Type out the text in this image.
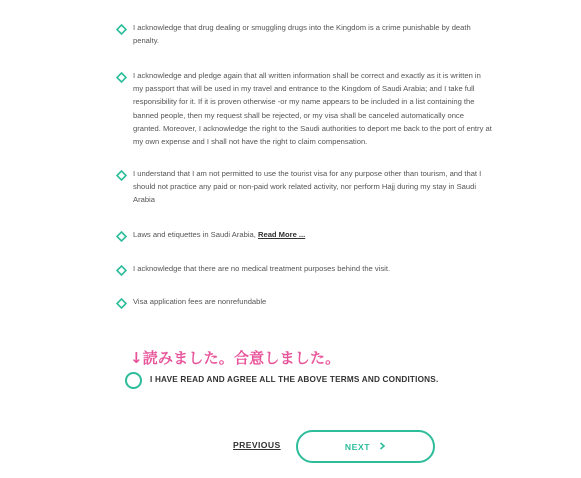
I acknowledge that drug dealing or smuggling drugs into the Kingdom is a crime punishable by death penalty.
I acknowledge and pledge again that all written information shall be correct and exactly as it is written in my passport that will be used in my travel and entrance to the Kingdom of Saudi Arabia; and I take full responsibility for it. If it is proven otherwise -or my name appears to be included in a list containing the banned people, then my request shall be rejected, or my visa shall be canceled automatically once granted. Moreover, I acknowledge the right to the Saudi authorities to deport me back to the port of entry at my own expense and I shall not have the right to claim compensation.
I understand that I am not permitted to use the tourist visa for any purpose other than tourism, and that I should not practice any paid or non-paid work related activity, nor perform Hajj during my stay in Saudi Arabia
Laws and etiquettes in Saudi Arabia, Read More ...
I acknowledge that there are no medical treatment purposes behind the visit.
Visa application fees are nonrefundable
↓読みました。合意しました。
I HAVE READ AND AGREE ALL THE ABOVE TERMS AND CONDITIONS.
PREVIOUS	NEXT
